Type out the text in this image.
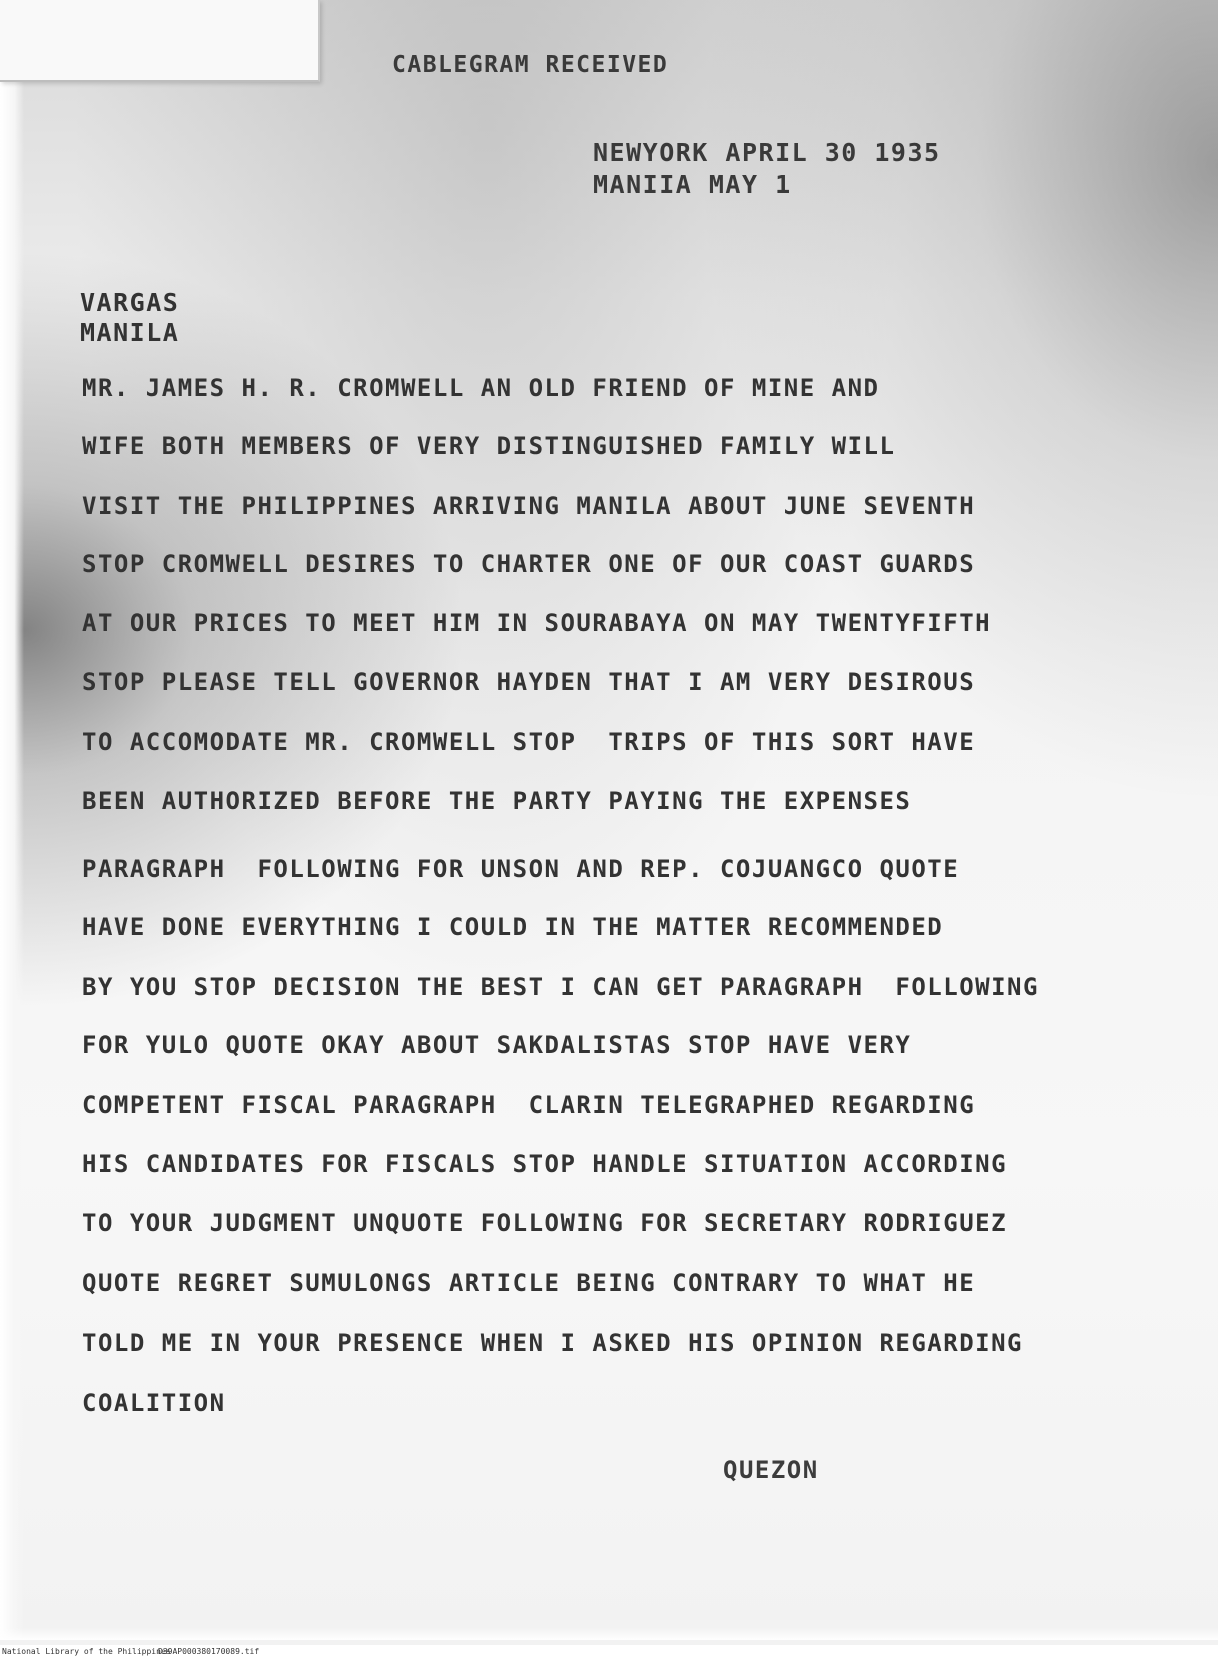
CABLEGRAM RECEIVED
NEWYORK APRIL 30 1935
MANIIA MAY 1
VARGAS
MANILA
MR. JAMES H. R. CROMWELL AN OLD FRIEND OF MINE AND
WIFE BOTH MEMBERS OF VERY DISTINGUISHED FAMILY WILL
VISIT THE PHILIPPINES ARRIVING MANILA ABOUT JUNE SEVENTH
STOP CROMWELL DESIRES TO CHARTER ONE OF OUR COAST GUARDS
AT OUR PRICES TO MEET HIM IN SOURABAYA ON MAY TWENTYFIFTH
STOP PLEASE TELL GOVERNOR HAYDEN THAT I AM VERY DESIROUS
TO ACCOMODATE MR. CROMWELL STOP  TRIPS OF THIS SORT HAVE
BEEN AUTHORIZED BEFORE THE PARTY PAYING THE EXPENSES
PARAGRAPH  FOLLOWING FOR UNSON AND REP. COJUANGCO QUOTE
HAVE DONE EVERYTHING I COULD IN THE MATTER RECOMMENDED
BY YOU STOP DECISION THE BEST I CAN GET PARAGRAPH  FOLLOWING
FOR YULO QUOTE OKAY ABOUT SAKDALISTAS STOP HAVE VERY
COMPETENT FISCAL PARAGRAPH  CLARIN TELEGRAPHED REGARDING
HIS CANDIDATES FOR FISCALS STOP HANDLE SITUATION ACCORDING
TO YOUR JUDGMENT UNQUOTE FOLLOWING FOR SECRETARY RODRIGUEZ
QUOTE REGRET SUMULONGS ARTICLE BEING CONTRARY TO WHAT HE
TOLD ME IN YOUR PRESENCE WHEN I ASKED HIS OPINION REGARDING
COALITION
QUEZON

National Library of the Philippines

D39AP000380170089.tif
